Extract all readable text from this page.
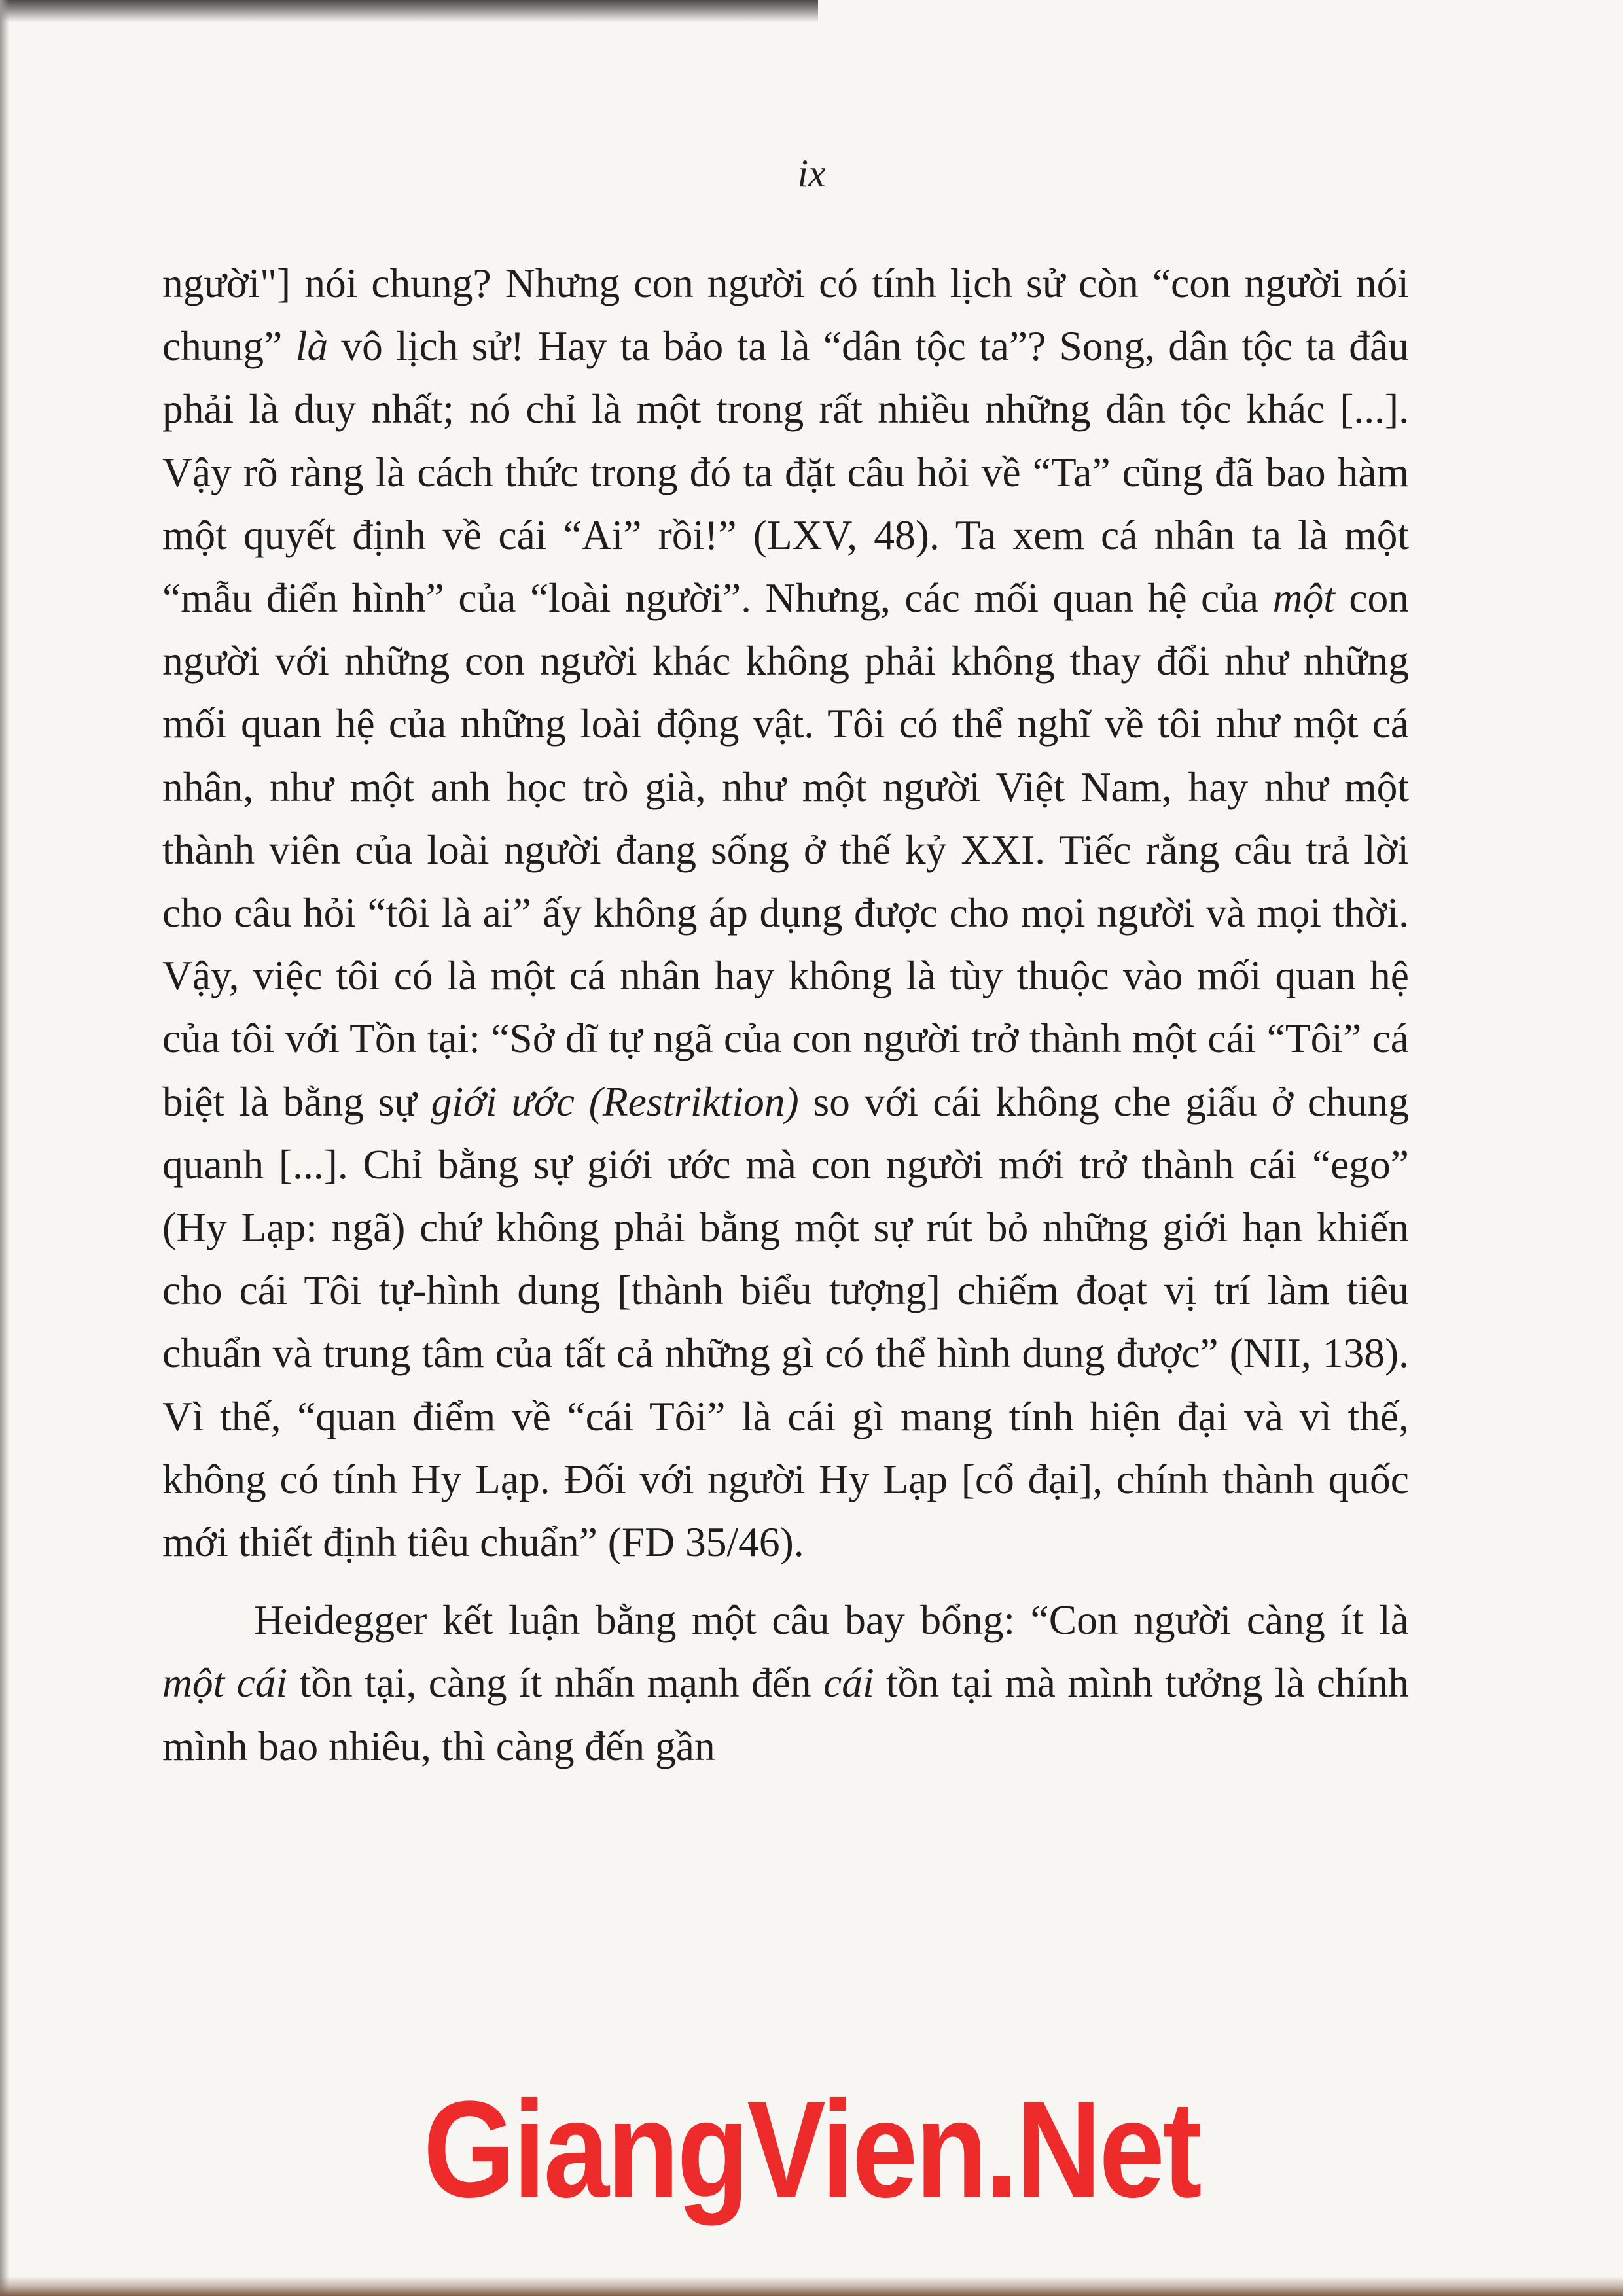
ix

người"] nói chung? Nhưng con người có tính lịch sử còn “con người nói chung” là vô lịch sử! Hay ta bảo ta là “dân tộc ta”? Song, dân tộc ta đâu phải là duy nhất; nó chỉ là một trong rất nhiều những dân tộc khác [...]. Vậy rõ ràng là cách thức trong đó ta đặt câu hỏi về “Ta” cũng đã bao hàm một quyết định về cái “Ai” rồi!” (LXV, 48). Ta xem cá nhân ta là một “mẫu điển hình” của “loài người”. Nhưng, các mối quan hệ của một con người với những con người khác không phải không thay đổi như những mối quan hệ của những loài động vật. Tôi có thể nghĩ về tôi như một cá nhân, như một anh học trò già, như một người Việt Nam, hay như một thành viên của loài người đang sống ở thế kỷ XXI. Tiếc rằng câu trả lời cho câu hỏi “tôi là ai” ấy không áp dụng được cho mọi người và mọi thời. Vậy, việc tôi có là một cá nhân hay không là tùy thuộc vào mối quan hệ của tôi với Tồn tại: “Sở dĩ tự ngã của con người trở thành một cái “Tôi” cá biệt là bằng sự giới ước (Restriktion) so với cái không che giấu ở chung quanh [...]. Chỉ bằng sự giới ước mà con người mới trở thành cái “ego” (Hy Lạp: ngã) chứ không phải bằng một sự rút bỏ những giới hạn khiến cho cái Tôi tự-hình dung [thành biểu tượng] chiếm đoạt vị trí làm tiêu chuẩn và trung tâm của tất cả những gì có thể hình dung được” (NII, 138). Vì thế, “quan điểm về “cái Tôi” là cái gì mang tính hiện đại và vì thế, không có tính Hy Lạp. Đối với người Hy Lạp [cổ đại], chính thành quốc mới thiết định tiêu chuẩn” (FD 35/46).

Heidegger kết luận bằng một câu bay bổng: “Con người càng ít là một cái tồn tại, càng ít nhấn mạnh đến cái tồn tại mà mình tưởng là chính mình bao nhiêu, thì càng đến gần

GiangVien.Net
